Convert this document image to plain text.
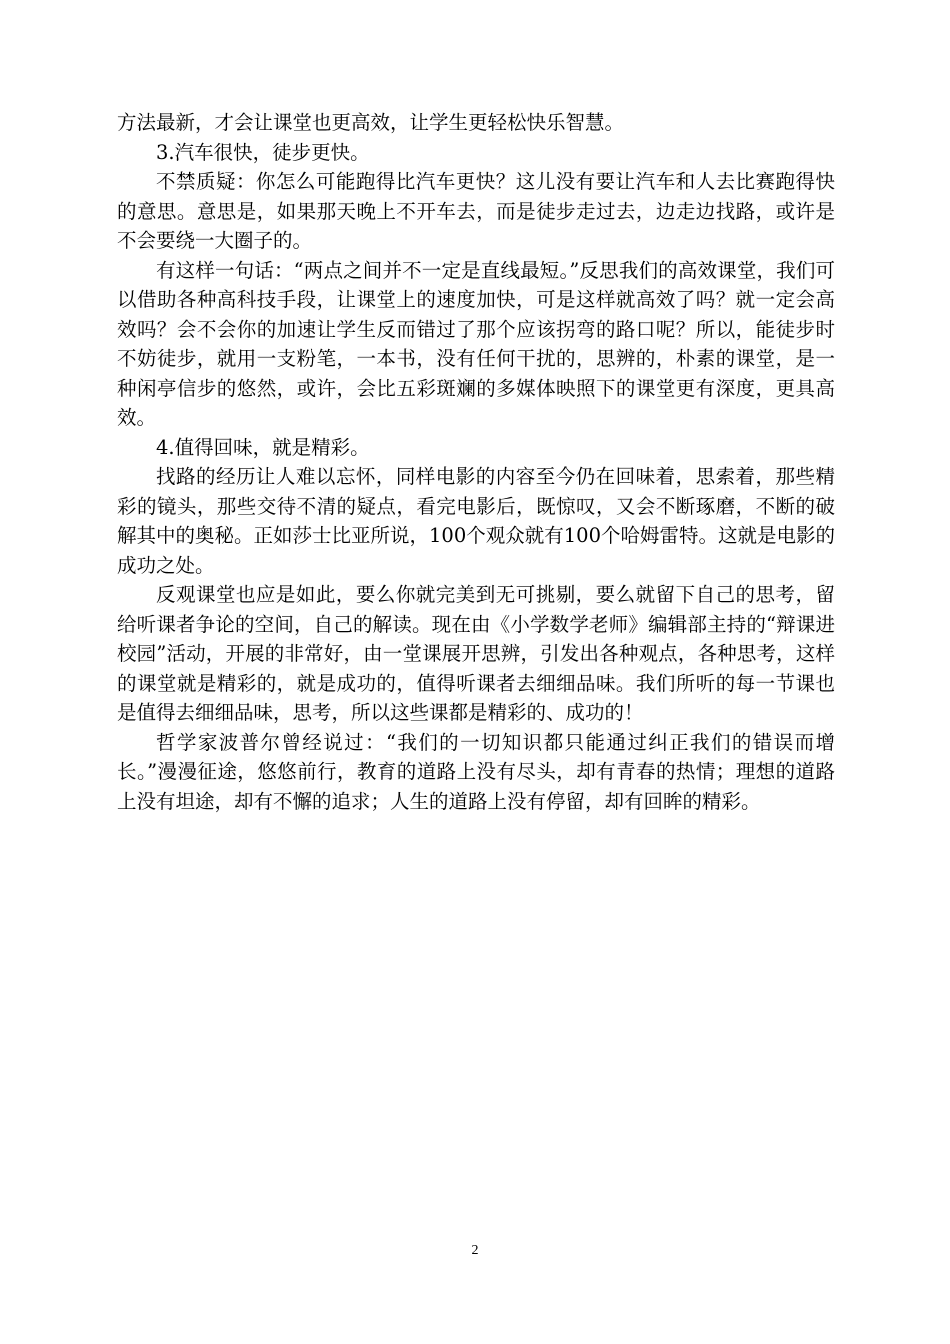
方法最新，才会让课堂也更高效，让学生更轻松快乐智慧。

3.汽车很快，徒步更快。

不禁质疑：你怎么可能跑得比汽车更快？这儿没有要让汽车和人去比赛跑得快的意思。意思是，如果那天晚上不开车去，而是徒步走过去，边走边找路，或许是不会要绕一大圈子的。

有这样一句话：“两点之间并不一定是直线最短。”反思我们的高效课堂，我们可以借助各种高科技手段，让课堂上的速度加快，可是这样就高效了吗？就一定会高效吗？会不会你的加速让学生反而错过了那个应该拐弯的路口呢？所以，能徒步时不妨徒步，就用一支粉笔，一本书，没有任何干扰的，思辨的，朴素的课堂，是一种闲亭信步的悠然，或许，会比五彩斑斓的多媒体映照下的课堂更有深度，更具高效。

4.值得回味，就是精彩。

找路的经历让人难以忘怀，同样电影的内容至今仍在回味着，思索着，那些精彩的镜头，那些交待不清的疑点，看完电影后，既惊叹，又会不断琢磨，不断的破解其中的奥秘。正如莎士比亚所说，100个观众就有100个哈姆雷特。这就是电影的成功之处。

反观课堂也应是如此，要么你就完美到无可挑剔，要么就留下自己的思考，留给听课者争论的空间，自己的解读。现在由《小学数学老师》编辑部主持的“辩课进校园”活动，开展的非常好，由一堂课展开思辨，引发出各种观点，各种思考，这样的课堂就是精彩的，就是成功的，值得听课者去细细品味。我们所听的每一节课也是值得去细细品味，思考，所以这些课都是精彩的、成功的！

哲学家波普尔曾经说过：“我们的一切知识都只能通过纠正我们的错误而增长。”漫漫征途，悠悠前行，教育的道路上没有尽头，却有青春的热情；理想的道路上没有坦途，却有不懈的追求；人生的道路上没有停留，却有回眸的精彩。

2
